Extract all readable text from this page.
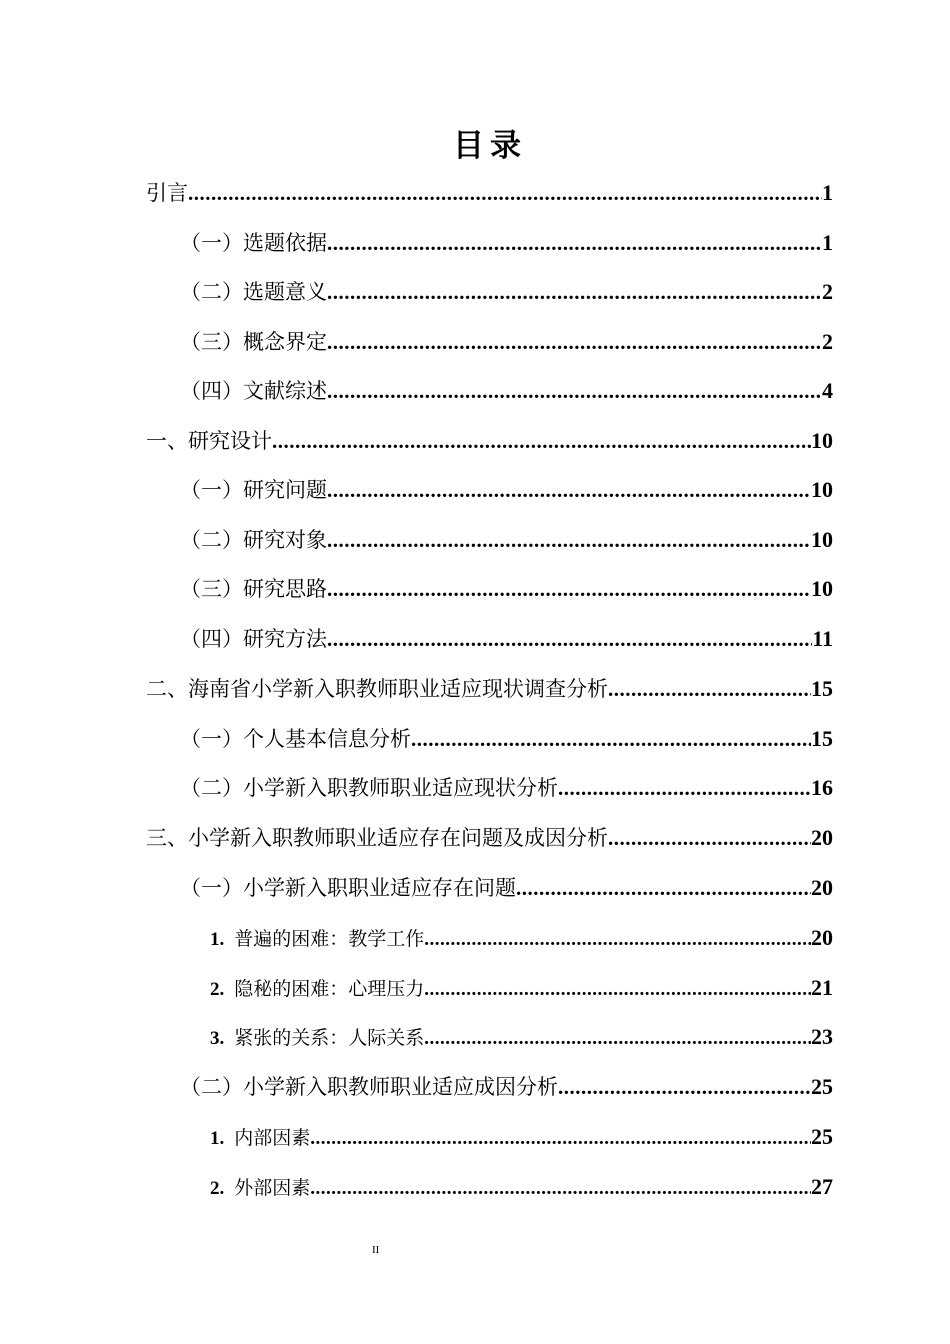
目录
引言 .....	1
（一）选题依据 .....	1
（二）选题意义 .....	2
（三）概念界定 .....	2
（四）文献综述 .....	4
一、研究设计 .....	10
（一）研究问题 .....	10
（二）研究对象 .....	10
（三）研究思路 .....	10
（四）研究方法 .....	11
二、海南省小学新入职教师职业适应现状调查分析 .....	15
（一）个人基本信息分析 .....	15
（二）小学新入职教师职业适应现状分析 .....	16
三、小学新入职教师职业适应存在问题及成因分析 .....	20
（一）小学新入职职业适应存在问题 .....	20
1. 普遍的困难：教学工作 .....	20
2. 隐秘的困难：心理压力 .....	21
3. 紧张的关系：人际关系 .....	23
（二）小学新入职教师职业适应成因分析 .....	25
1. 内部因素 .....	25
2. 外部因素 .....	27
II
